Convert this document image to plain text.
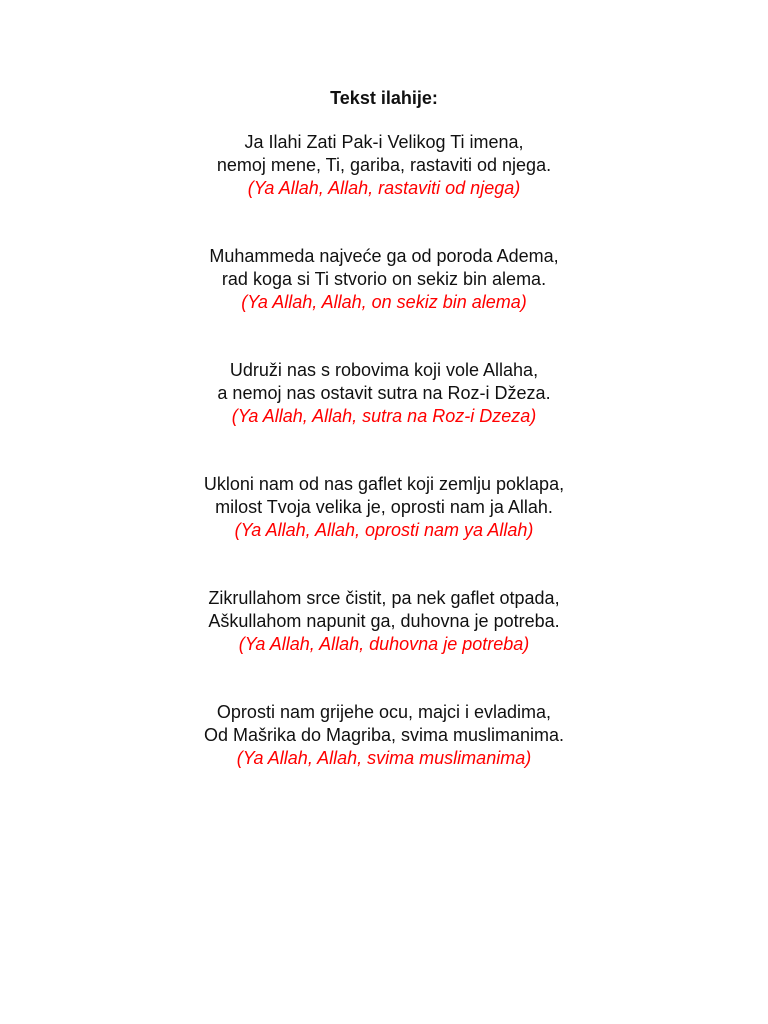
Tekst ilahije:
Ja Ilahi Zati Pak-i Velikog Ti imena,
nemoj mene, Ti, gariba, rastaviti od njega.
(Ya Allah, Allah, rastaviti od njega)
Muhammeda najveće ga od poroda Adema,
rad koga si Ti stvorio on sekiz bin alema.
(Ya Allah, Allah, on sekiz bin alema)
Udruži nas s robovima koji vole Allaha,
a nemoj nas ostavit sutra na Roz-i Džeza.
(Ya Allah, Allah, sutra na Roz-i Dzeza)
Ukloni nam od nas gaflet koji zemlju poklapa,
milost Tvoja velika je, oprosti nam ja Allah.
(Ya Allah, Allah, oprosti nam ya Allah)
Zikrullahom srce čistit, pa nek gaflet otpada,
Aškullahom napunit ga, duhovna je potreba.
(Ya Allah, Allah, duhovna je potreba)
Oprosti nam grijehe ocu, majci i evladima,
Od Mašrika do Magriba, svima muslimanima.
(Ya Allah, Allah, svima muslimanima)
